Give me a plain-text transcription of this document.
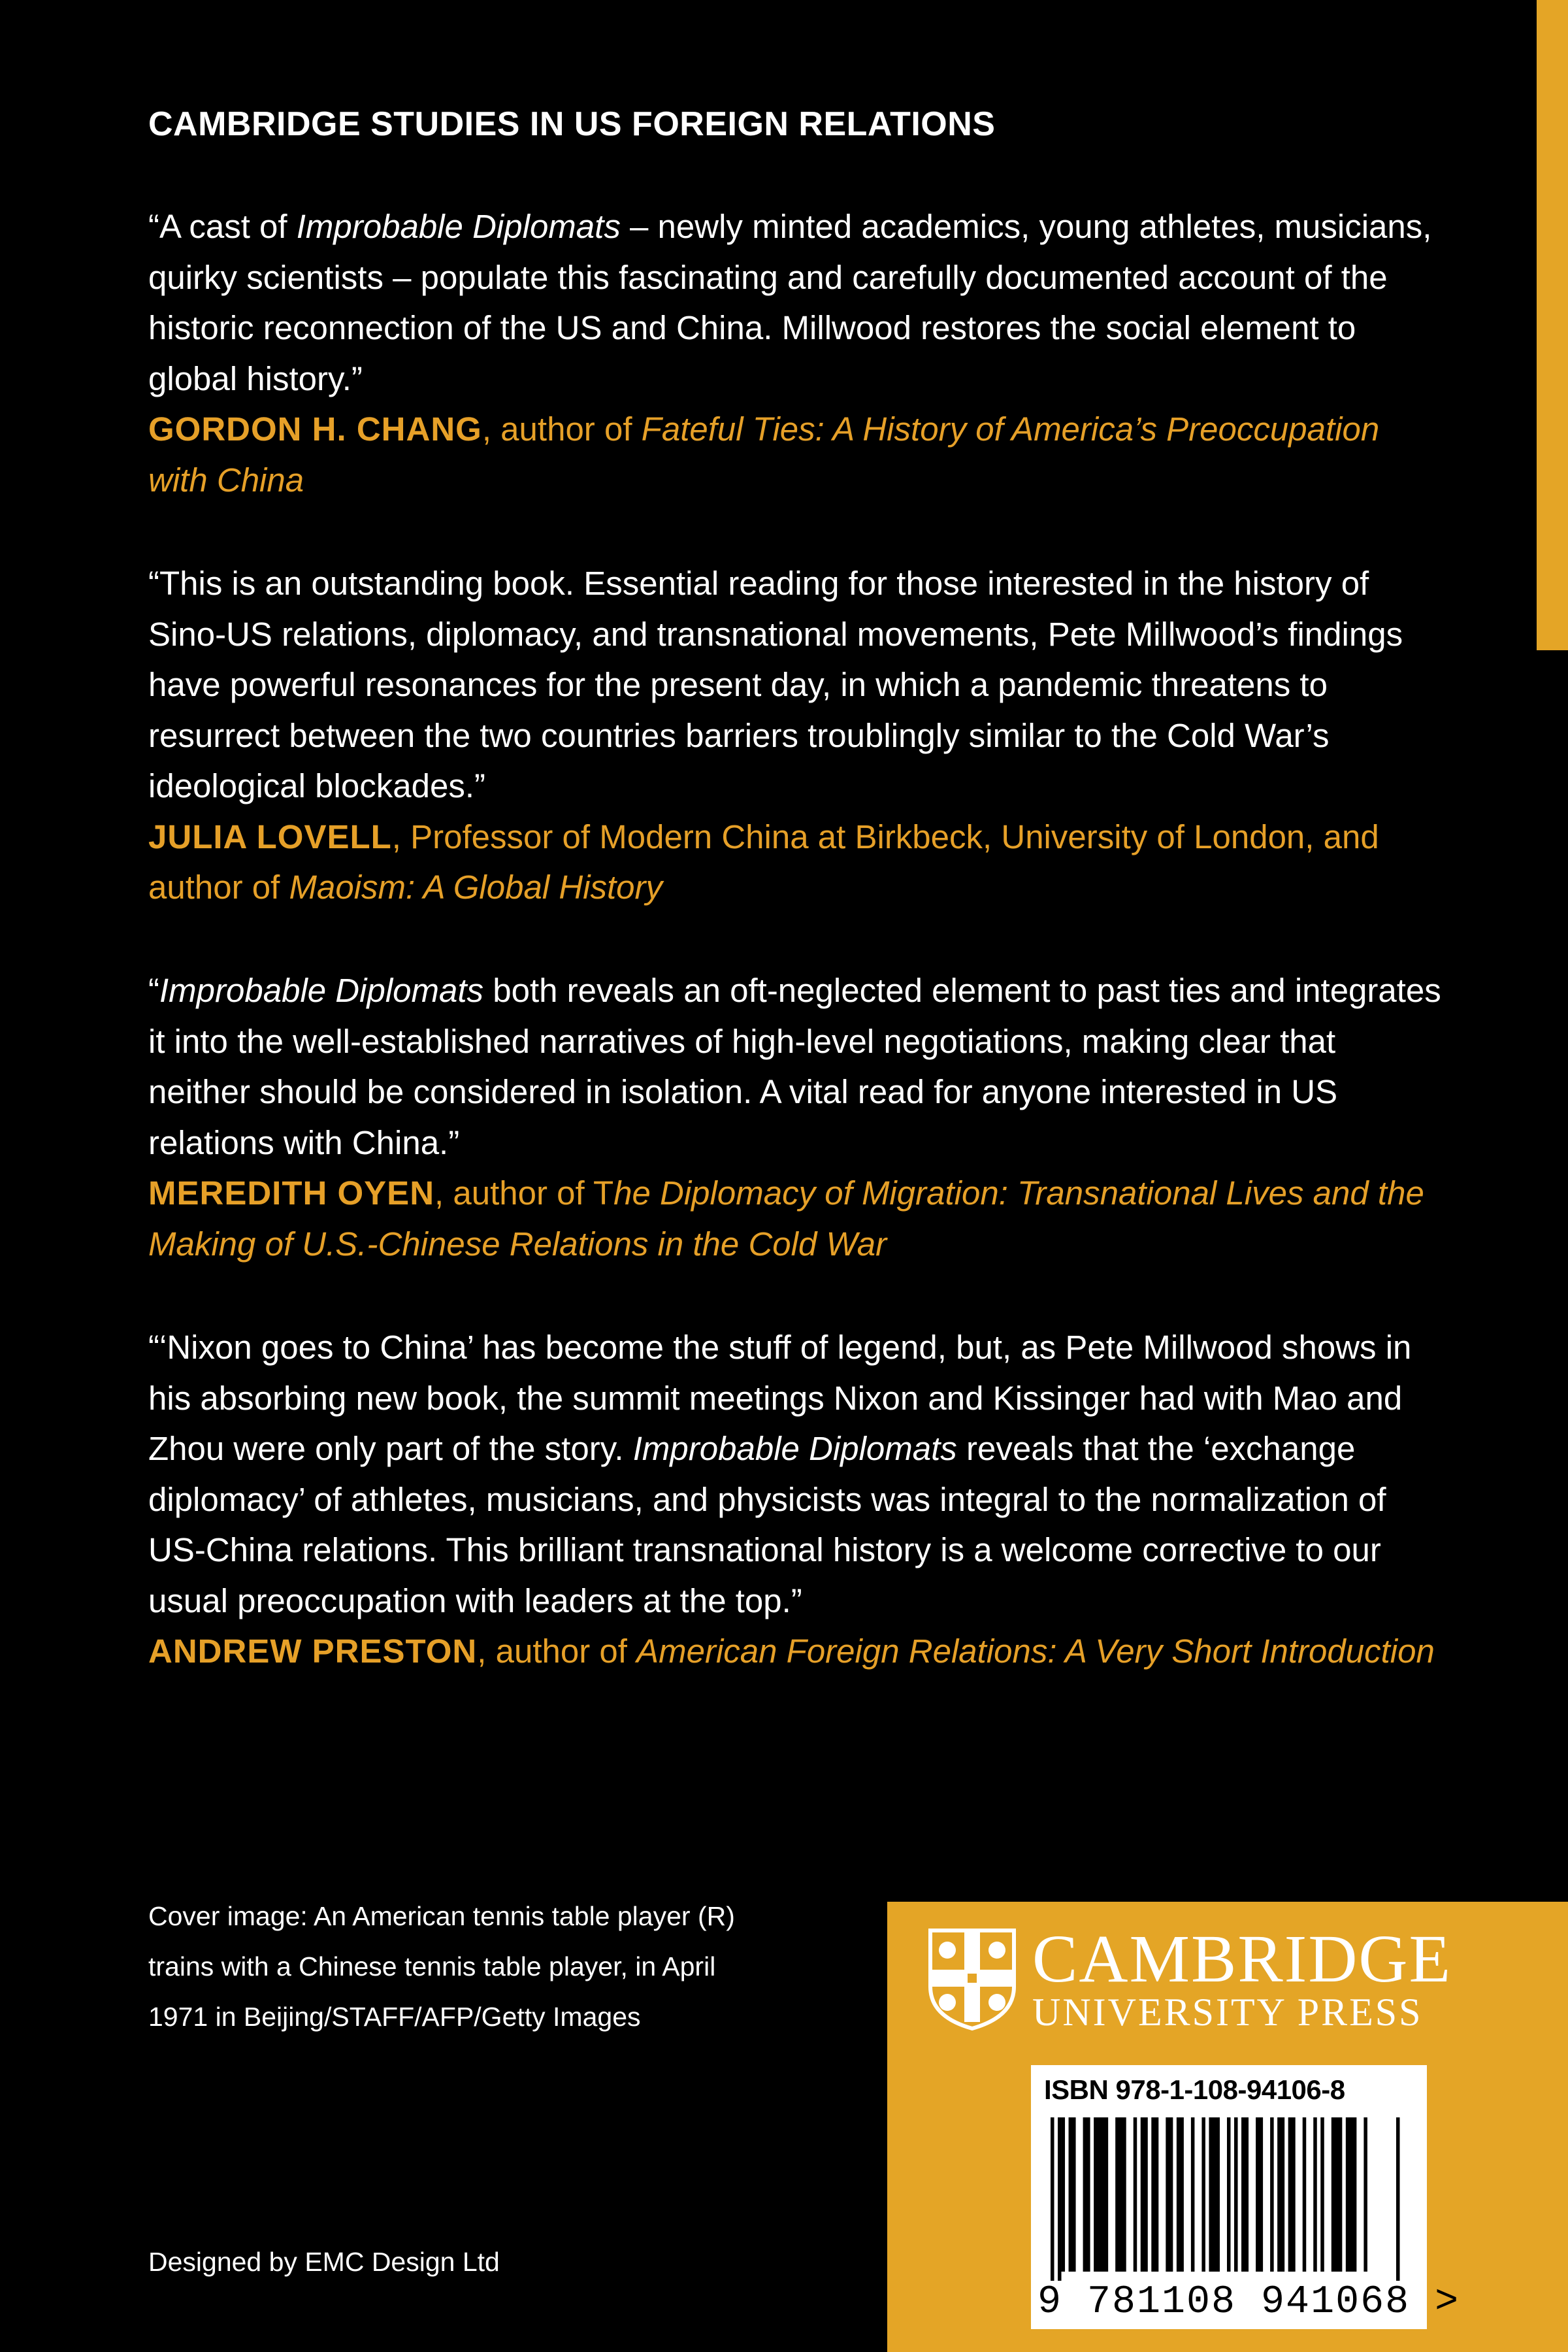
CAMBRIDGE STUDIES IN US FOREIGN RELATIONS
“A cast of Improbable Diplomats – newly minted academics, young athletes, musicians, quirky scientists – populate this fascinating and carefully documented account of the historic reconnection of the US and China. Millwood restores the social element to global history.”
GORDON H. CHANG, author of Fateful Ties: A History of America’s Preoccupation with China
“This is an outstanding book. Essential reading for those interested in the history of Sino-US relations, diplomacy, and transnational movements, Pete Millwood’s findings have powerful resonances for the present day, in which a pandemic threatens to resurrect between the two countries barriers troublingly similar to the Cold War’s ideological blockades.”
JULIA LOVELL, Professor of Modern China at Birkbeck, University of London, and author of Maoism: A Global History
“Improbable Diplomats both reveals an oft-neglected element to past ties and integrates it into the well-established narratives of high-level negotiations, making clear that neither should be considered in isolation. A vital read for anyone interested in US relations with China.”
MEREDITH OYEN, author of The Diplomacy of Migration: Transnational Lives and the Making of U.S.-Chinese Relations in the Cold War
“‘Nixon goes to China’ has become the stuff of legend, but, as Pete Millwood shows in his absorbing new book, the summit meetings Nixon and Kissinger had with Mao and Zhou were only part of the story. Improbable Diplomats reveals that the ‘exchange diplomacy’ of athletes, musicians, and physicists was integral to the normalization of US-China relations. This brilliant transnational history is a welcome corrective to our usual preoccupation with leaders at the top.”
ANDREW PRESTON, author of American Foreign Relations: A Very Short Introduction
Cover image: An American tennis table player (R)
trains with a Chinese tennis table player, in April
1971 in Beijing/STAFF/AFP/Getty Images
Designed by EMC Design Ltd
CAMBRIDGE
UNIVERSITY PRESS
ISBN 978-1-108-94106-8
9 781108 941068 >
